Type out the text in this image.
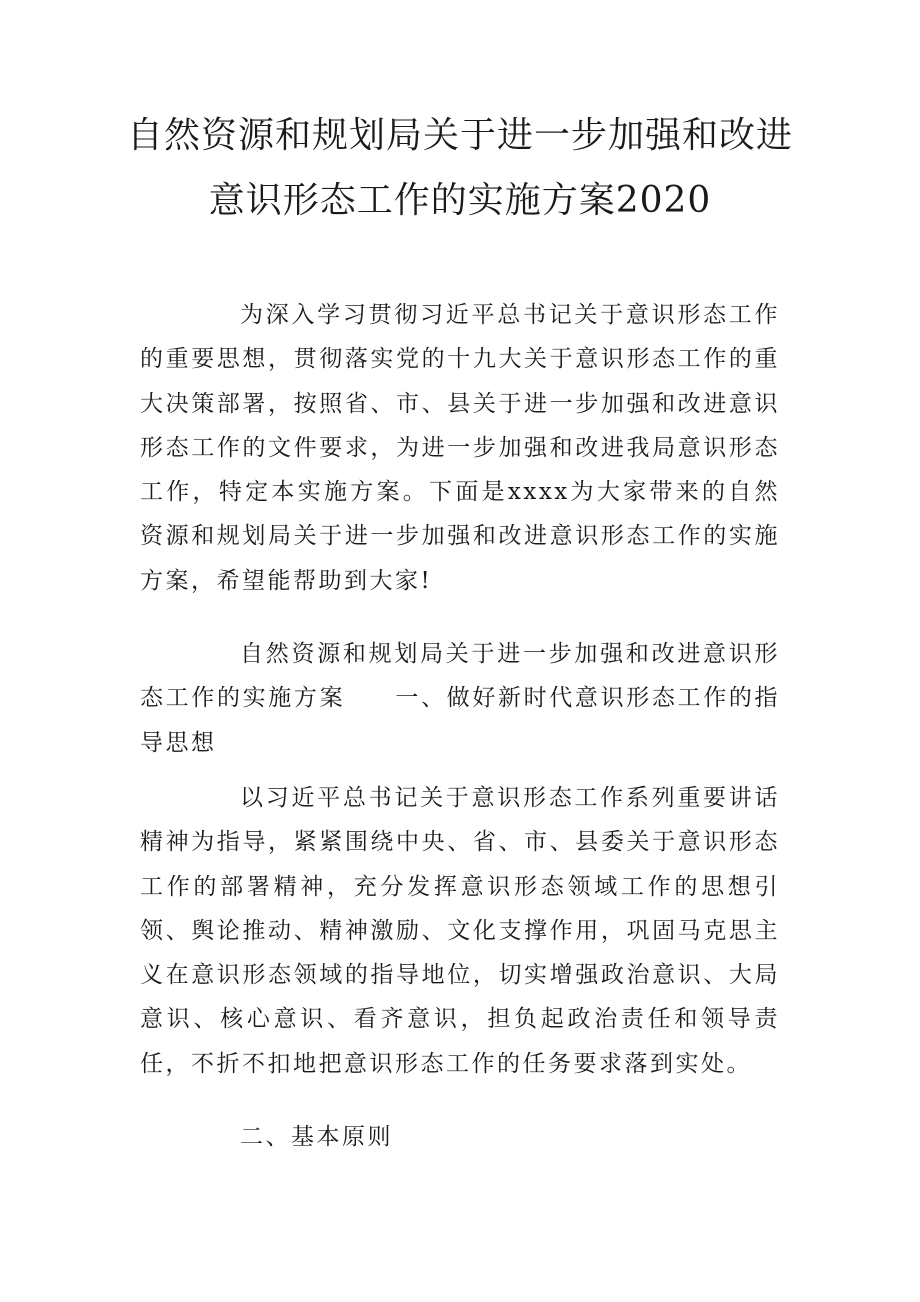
自然资源和规划局关于进一步加强和改进
意识形态工作的实施方案2020
为深入学习贯彻习近平总书记关于意识形态工作的重要思想，贯彻落实党的十九大关于意识形态工作的重大决策部署，按照省、市、县关于进一步加强和改进意识形态工作的文件要求，为进一步加强和改进我局意识形态工作，特定本实施方案。下面是xxxx为大家带来的自然资源和规划局关于进一步加强和改进意识形态工作的实施方案，希望能帮助到大家!
自然资源和规划局关于进一步加强和改进意识形态工作的实施方案 一、做好新时代意识形态工作的指导思想
以习近平总书记关于意识形态工作系列重要讲话精神为指导，紧紧围绕中央、省、市、县委关于意识形态工作的部署精神，充分发挥意识形态领域工作的思想引领、舆论推动、精神激励、文化支撑作用，巩固马克思主义在意识形态领域的指导地位，切实增强政治意识、大局意识、核心意识、看齐意识，担负起政治责任和领导责任，不折不扣地把意识形态工作的任务要求落到实处。
二、基本原则
